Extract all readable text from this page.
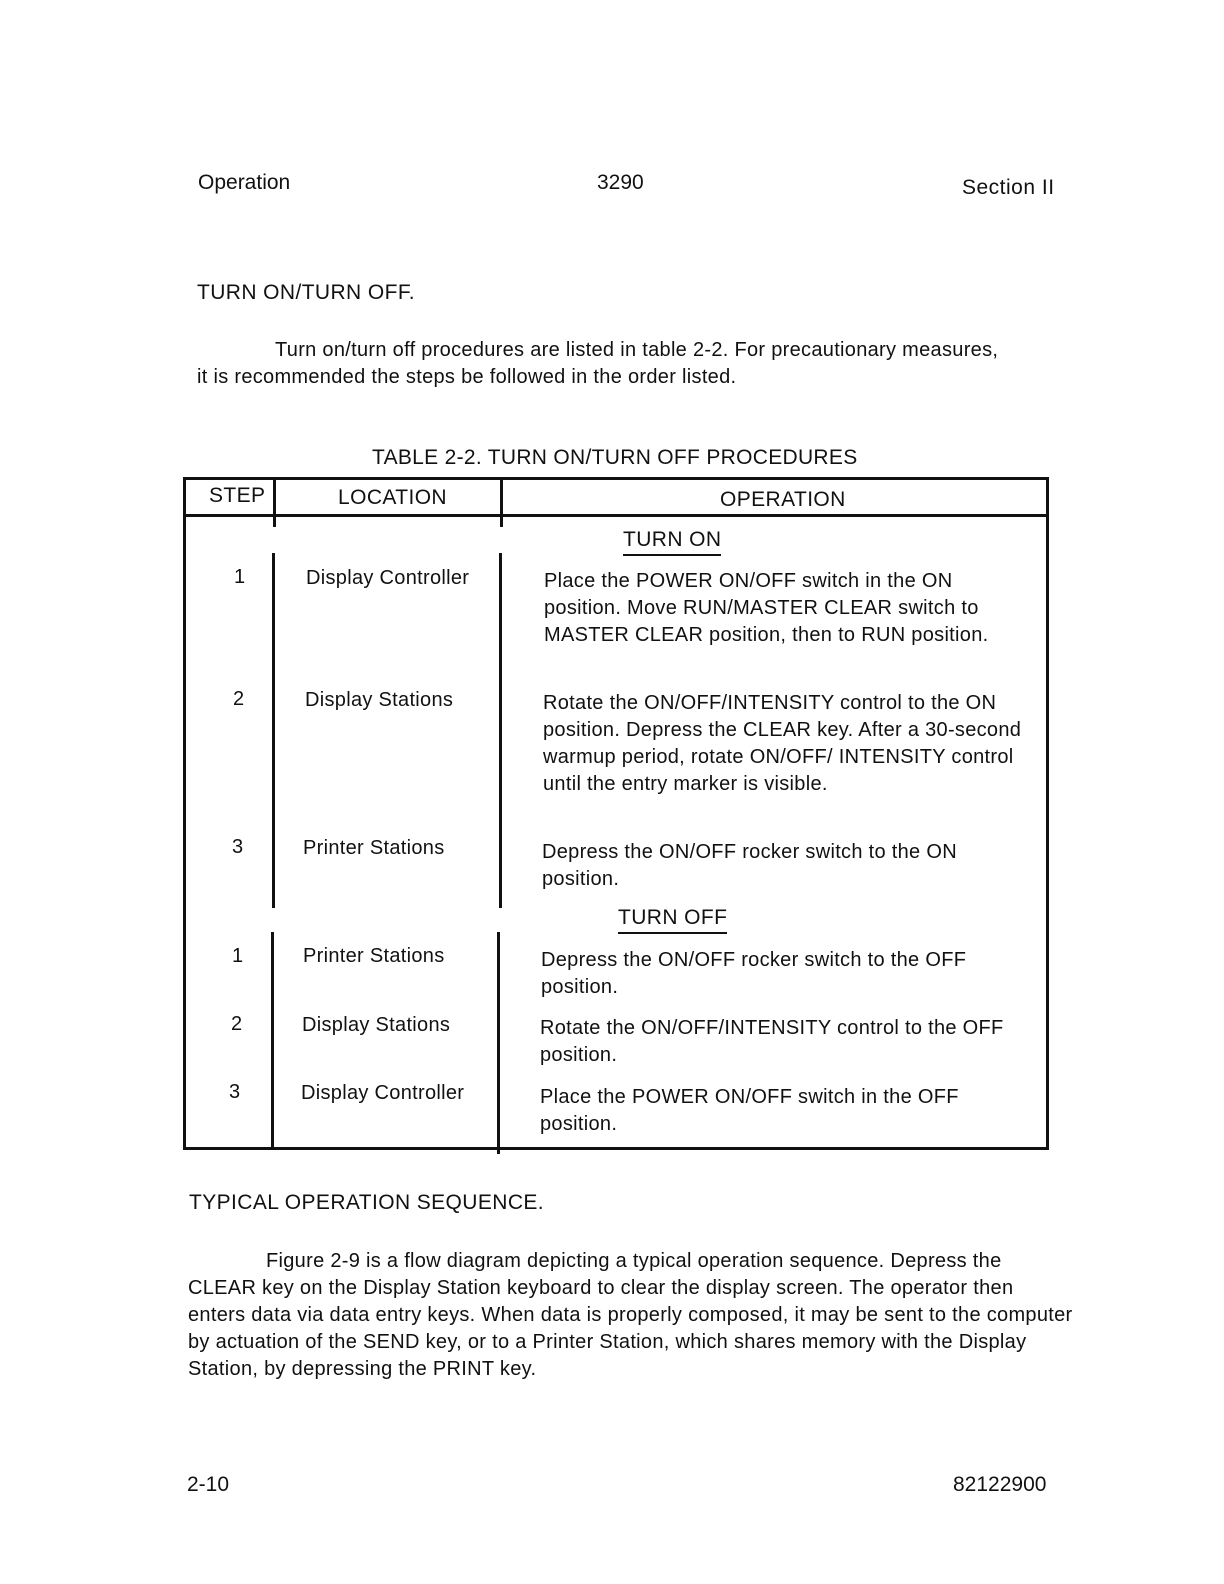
Operation	3290	Section II
TURN ON/TURN OFF.
Turn on/turn off procedures are listed in table 2-2. For precautionary measures, it is recommended the steps be followed in the order listed.
TABLE 2-2. TURN ON/TURN OFF PROCEDURES
STEP	LOCATION	OPERATION
TURN ON
1	Display Controller	Place the POWER ON/OFF switch in the ON position. Move RUN/MASTER CLEAR switch to MASTER CLEAR position, then to RUN position.
2	Display Stations	Rotate the ON/OFF/INTENSITY control to the ON position. Depress the CLEAR key. After a 30-second warmup period, rotate ON/OFF/ INTENSITY control until the entry marker is visible.
3	Printer Stations	Depress the ON/OFF rocker switch to the ON position.
TURN OFF
1	Printer Stations	Depress the ON/OFF rocker switch to the OFF position.
2	Display Stations	Rotate the ON/OFF/INTENSITY control to the OFF position.
3	Display Controller	Place the POWER ON/OFF switch in the OFF position.
TYPICAL OPERATION SEQUENCE.
Figure 2-9 is a flow diagram depicting a typical operation sequence. Depress the CLEAR key on the Display Station keyboard to clear the display screen. The operator then enters data via data entry keys. When data is properly composed, it may be sent to the computer by actuation of the SEND key, or to a Printer Station, which shares memory with the Display Station, by depressing the PRINT key.
2-10	82122900
